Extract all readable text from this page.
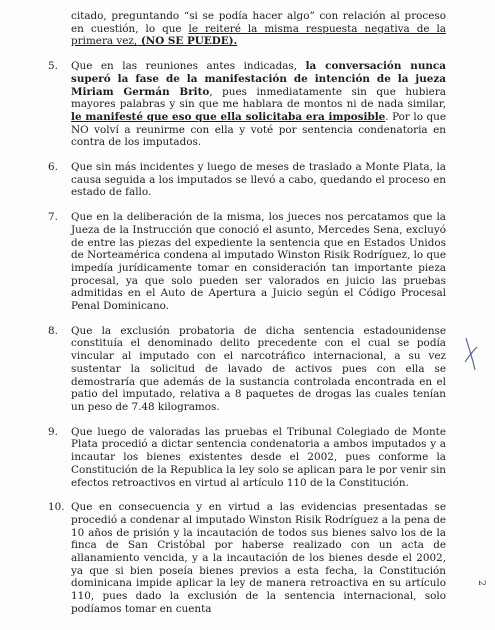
citado, preguntando “si se podía hacer algo” con relación al proceso en cuestión, lo que le reiteré la misma respuesta negativa de la primera vez, (NO SE PUEDE).

5.	Que en las reuniones antes indicadas, la conversación nunca superó la fase de la manifestación de intención de la jueza Miriam Germán Brito, pues inmediatamente sin que hubiera mayores palabras y sin que me hablara de montos ni de nada similar, le manifesté que eso que ella solicitaba era imposible. Por lo que NO volví a reunirme con ella y voté por sentencia condenatoria en contra de los imputados.
6.	Que sin más incidentes y luego de meses de traslado a Monte Plata, la causa seguida a los imputados se llevó a cabo, quedando el proceso en estado de fallo.
7.	Que en la deliberación de la misma, los jueces nos percatamos que la Jueza de la Instrucción que conoció el asunto, Mercedes Sena, excluyó de entre las piezas del expediente la sentencia que en Estados Unidos de Norteamérica condena al imputado Winston Risik Rodríguez, lo que impedía jurídicamente tomar en consideración tan importante pieza procesal, ya que solo pueden ser valorados en juicio las pruebas admitidas en el Auto de Apertura a Juicio según el Código Procesal Penal Dominicano.
8.	Que la exclusión probatoria de dicha sentencia estadounidense constituía el denominado delito precedente con el cual se podía vincular al imputado con el narcotráfico internacional, a su vez sustentar la solicitud de lavado de activos pues con ella se demostraría que además de la sustancia controlada encontrada en el patio del imputado, relativa a 8 paquetes de drogas las cuales tenían un peso de 7.48 kilogramos.
9.	Que luego de valoradas las pruebas el Tribunal Colegiado de Monte Plata procedió a dictar sentencia condenatoria a ambos imputados y a incautar los bienes existentes desde el 2002, pues conforme la Constitución de la Republica la ley solo se aplican para le por venir sin efectos retroactivos en virtud al artículo 110 de la Constitución.
10. Que en consecuencia y en virtud a las evidencias presentadas se procedió a condenar al imputado Winston Risik Rodríguez a la pena de 10 años de prisión y la incautación de todos sus bienes salvo los de la finca de San Cristóbal por haberse realizado con un acta de allanamiento vencida, y a la incautación de los bienes desde el 2002, ya que si bien poseía bienes previos a esta fecha, la Constitución dominicana impide aplicar la ley de manera retroactiva en su artículo 110, pues dado la exclusión de la sentencia internacional, solo podíamos tomar en cuenta
2
